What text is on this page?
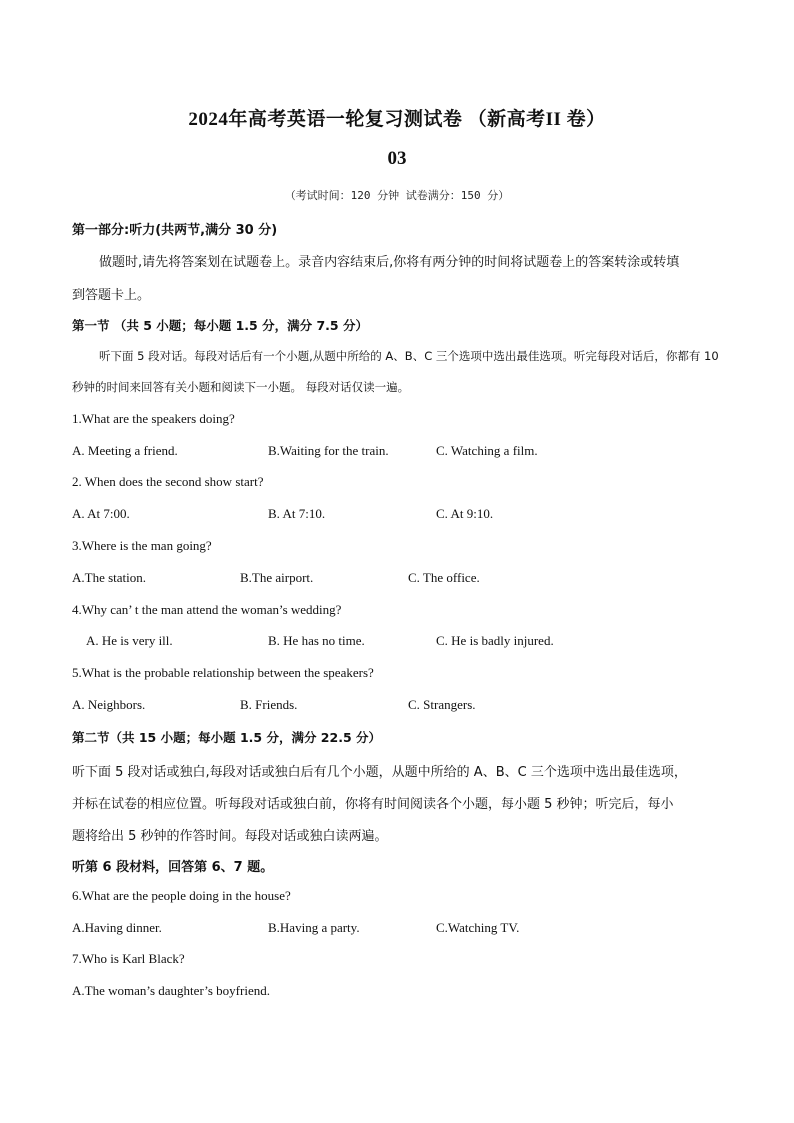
2024年高考英语一轮复习测试卷 （新高考II 卷）
03
（考试时间：120 分钟 试卷满分：150 分）
第一部分:听力(共两节,满分 30 分)
做题时,请先将答案划在试题卷上。录音内容结束后,你将有两分钟的时间将试题卷上的答案转涂或转填
到答题卡上。
第一节 （共 5 小题；每小题 1.5 分，满分 7.5 分）
听下面 5 段对话。每段对话后有一个小题,从题中所给的 A、B、C 三个选项中选出最佳选项。听完每段对话后，你都有 10
秒钟的时间来回答有关小题和阅读下一小题。 每段对话仅读一遍。
1.What are the speakers doing?
A. Meeting a friend.	B.Waiting for the train.	C. Watching a film.
2. When does the second show start?
A. At 7:00.	B. At 7:10.	C. At 9:10.
3.Where is the man going?
A.The station.	B.The airport.	C. The office.
4.Why can’ t the man attend the woman’s wedding?
A. He is very ill.	B. He has no time.	C. He is badly injured.
5.What is the probable relationship between the speakers?
A. Neighbors.	B. Friends.	C. Strangers.
第二节（共 15 小题；每小题 1.5 分，满分 22.5 分）
听下面 5 段对话或独白,每段对话或独白后有几个小题，从题中所给的 A、B、C 三个选项中选出最佳选项，
并标在试卷的相应位置。听每段对话或独白前，你将有时间阅读各个小题，每小题 5 秒钟；听完后，每小
题将给出 5 秒钟的作答时间。每段对话或独白读两遍。
听第 6 段材料，回答第 6、7 题。
6.What are the people doing in the house?
A.Having dinner.	B.Having a party.	C.Watching TV.
7.Who is Karl Black?
A.The woman’s daughter’s boyfriend.
